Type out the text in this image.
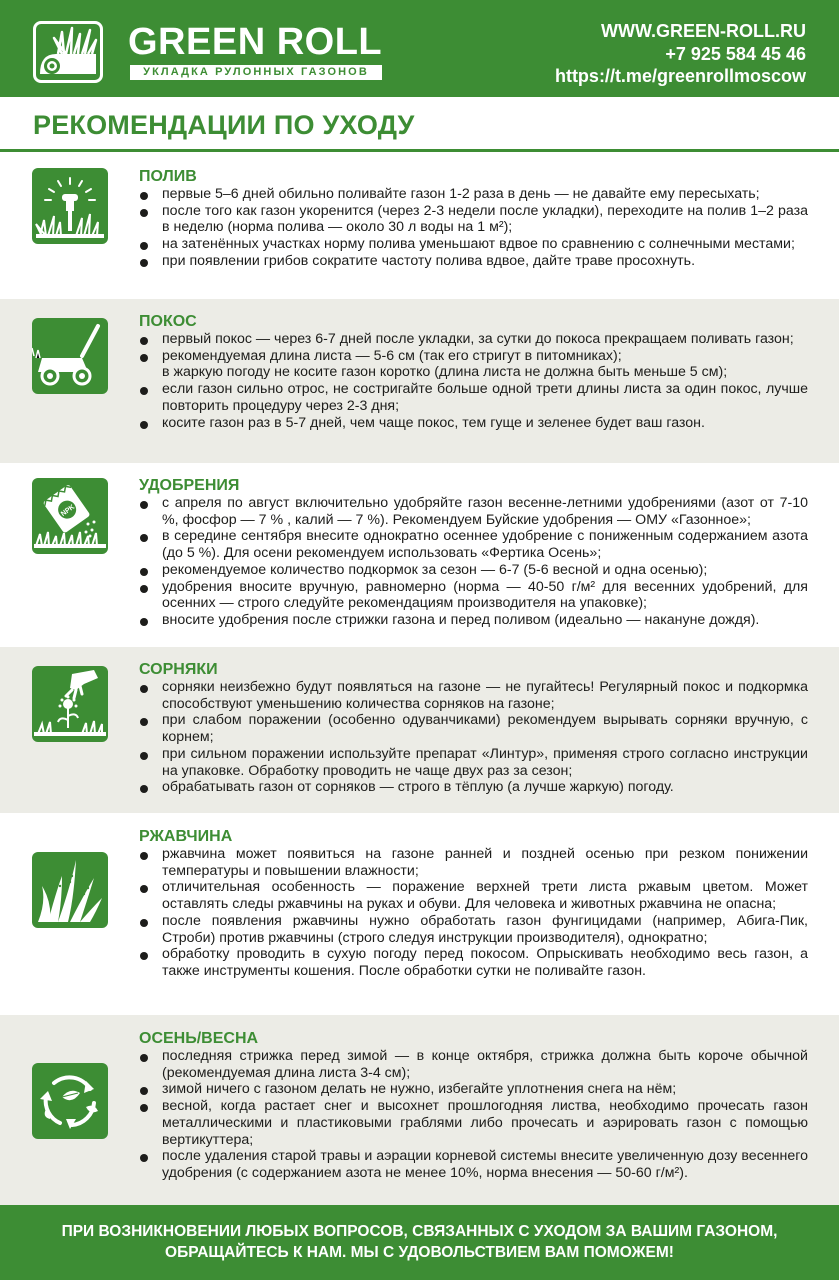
GREEN ROLL
УКЛАДКА РУЛОННЫХ ГАЗОНОВ
WWW.GREEN-ROLL.RU
+7 925 584 45 46
https://t.me/greenrollmoscow
РЕКОМЕНДАЦИИ ПО УХОДУ
ПОЛИВ
первые 5–6 дней обильно поливайте газон 1-2 раза в день — не давайте ему пересыхать;
после того как газон укоренится (через 2-3 недели после укладки), переходите на полив 1–2 раза в неделю (норма полива — около 30 л воды на 1 м²);
на затенённых участках норму полива уменьшают вдвое по сравнению с солнечными местами;
при появлении грибов сократите частоту полива вдвое, дайте траве просохнуть.
ПОКОС
первый покос — через 6-7 дней после укладки, за сутки до покоса прекращаем поливать газон;
рекомендуемая длина листа — 5-6 см (так его стригут в питомниках);
в жаркую погоду не косите газон коротко (длина листа не должна быть меньше 5 см);
если газон сильно отрос, не состригайте больше одной трети длины листа за один покос, лучше повторить процедуру через 2-3 дня;
косите газон раз в 5-7 дней, чем чаще покос, тем гуще и зеленее будет ваш газон.
NPK
УДОБРЕНИЯ
с апреля по август включительно удобряйте газон весенне-летними удобрениями (азот от 7-10 %, фосфор — 7 % , калий — 7 %). Рекомендуем Буйские удобрения — ОМУ «Газонное»;
в середине сентября внесите однократно осеннее удобрение с пониженным содержанием азота (до 5 %). Для осени рекомендуем использовать «Фертика Осень»;
рекомендуемое количество подкормок за сезон — 6-7 (5-6 весной и одна осенью);
удобрения вносите вручную, равномерно (норма — 40-50 г/м² для весенних удобрений, для осенних — строго следуйте рекомендациям производителя на упаковке);
вносите удобрения после стрижки газона и перед поливом (идеально — накануне дождя).
СОРНЯКИ
сорняки неизбежно будут появляться на газоне — не пугайтесь! Регулярный покос и подкормка способствуют уменьшению количества сорняков на газоне;
при слабом поражении (особенно одуванчиками) рекомендуем вырывать сорняки вручную, с корнем;
при сильном поражении используйте препарат «Линтур», применяя строго согласно инструкции на упаковке. Обработку проводить не чаще двух раз за сезон;
обрабатывать газон от сорняков — строго в тёплую (а лучше жаркую) погоду.
РЖАВЧИНА
ржавчина может появиться на газоне ранней и поздней осенью при резком понижении температуры и повышении влажности;
отличительная особенность — поражение верхней трети листа ржавым цветом. Может оставлять следы ржавчины на руках и обуви. Для человека и животных ржавчина не опасна;
после появления ржавчины нужно обработать газон фунгицидами (например, Абига-Пик, Строби) против ржавчины (строго следуя инструкции производителя), однократно;
обработку проводить в сухую погоду перед покосом. Опрыскивать необходимо весь газон, а также инструменты кошения. После обработки сутки не поливайте газон.
ОСЕНЬ/ВЕСНА
последняя стрижка перед зимой — в конце октября, стрижка должна быть короче обычной (рекомендуемая длина листа 3-4 см);
зимой ничего с газоном делать не нужно, избегайте уплотнения снега на нём;
весной, когда растает снег и высохнет прошлогодняя листва, необходимо прочесать газон металлическими и пластиковыми граблями либо прочесать и аэрировать газон с помощью вертикуттера;
после удаления старой травы и аэрации корневой системы внесите увеличенную дозу весеннего удобрения (с содержанием азота не менее 10%, норма внесения — 50-60 г/м²).
ПРИ ВОЗНИКНОВЕНИИ ЛЮБЫХ ВОПРОСОВ, СВЯЗАННЫХ С УХОДОМ ЗА ВАШИМ ГАЗОНОМ,
ОБРАЩАЙТЕСЬ К НАМ. МЫ С УДОВОЛЬСТВИЕМ ВАМ ПОМОЖЕМ!
